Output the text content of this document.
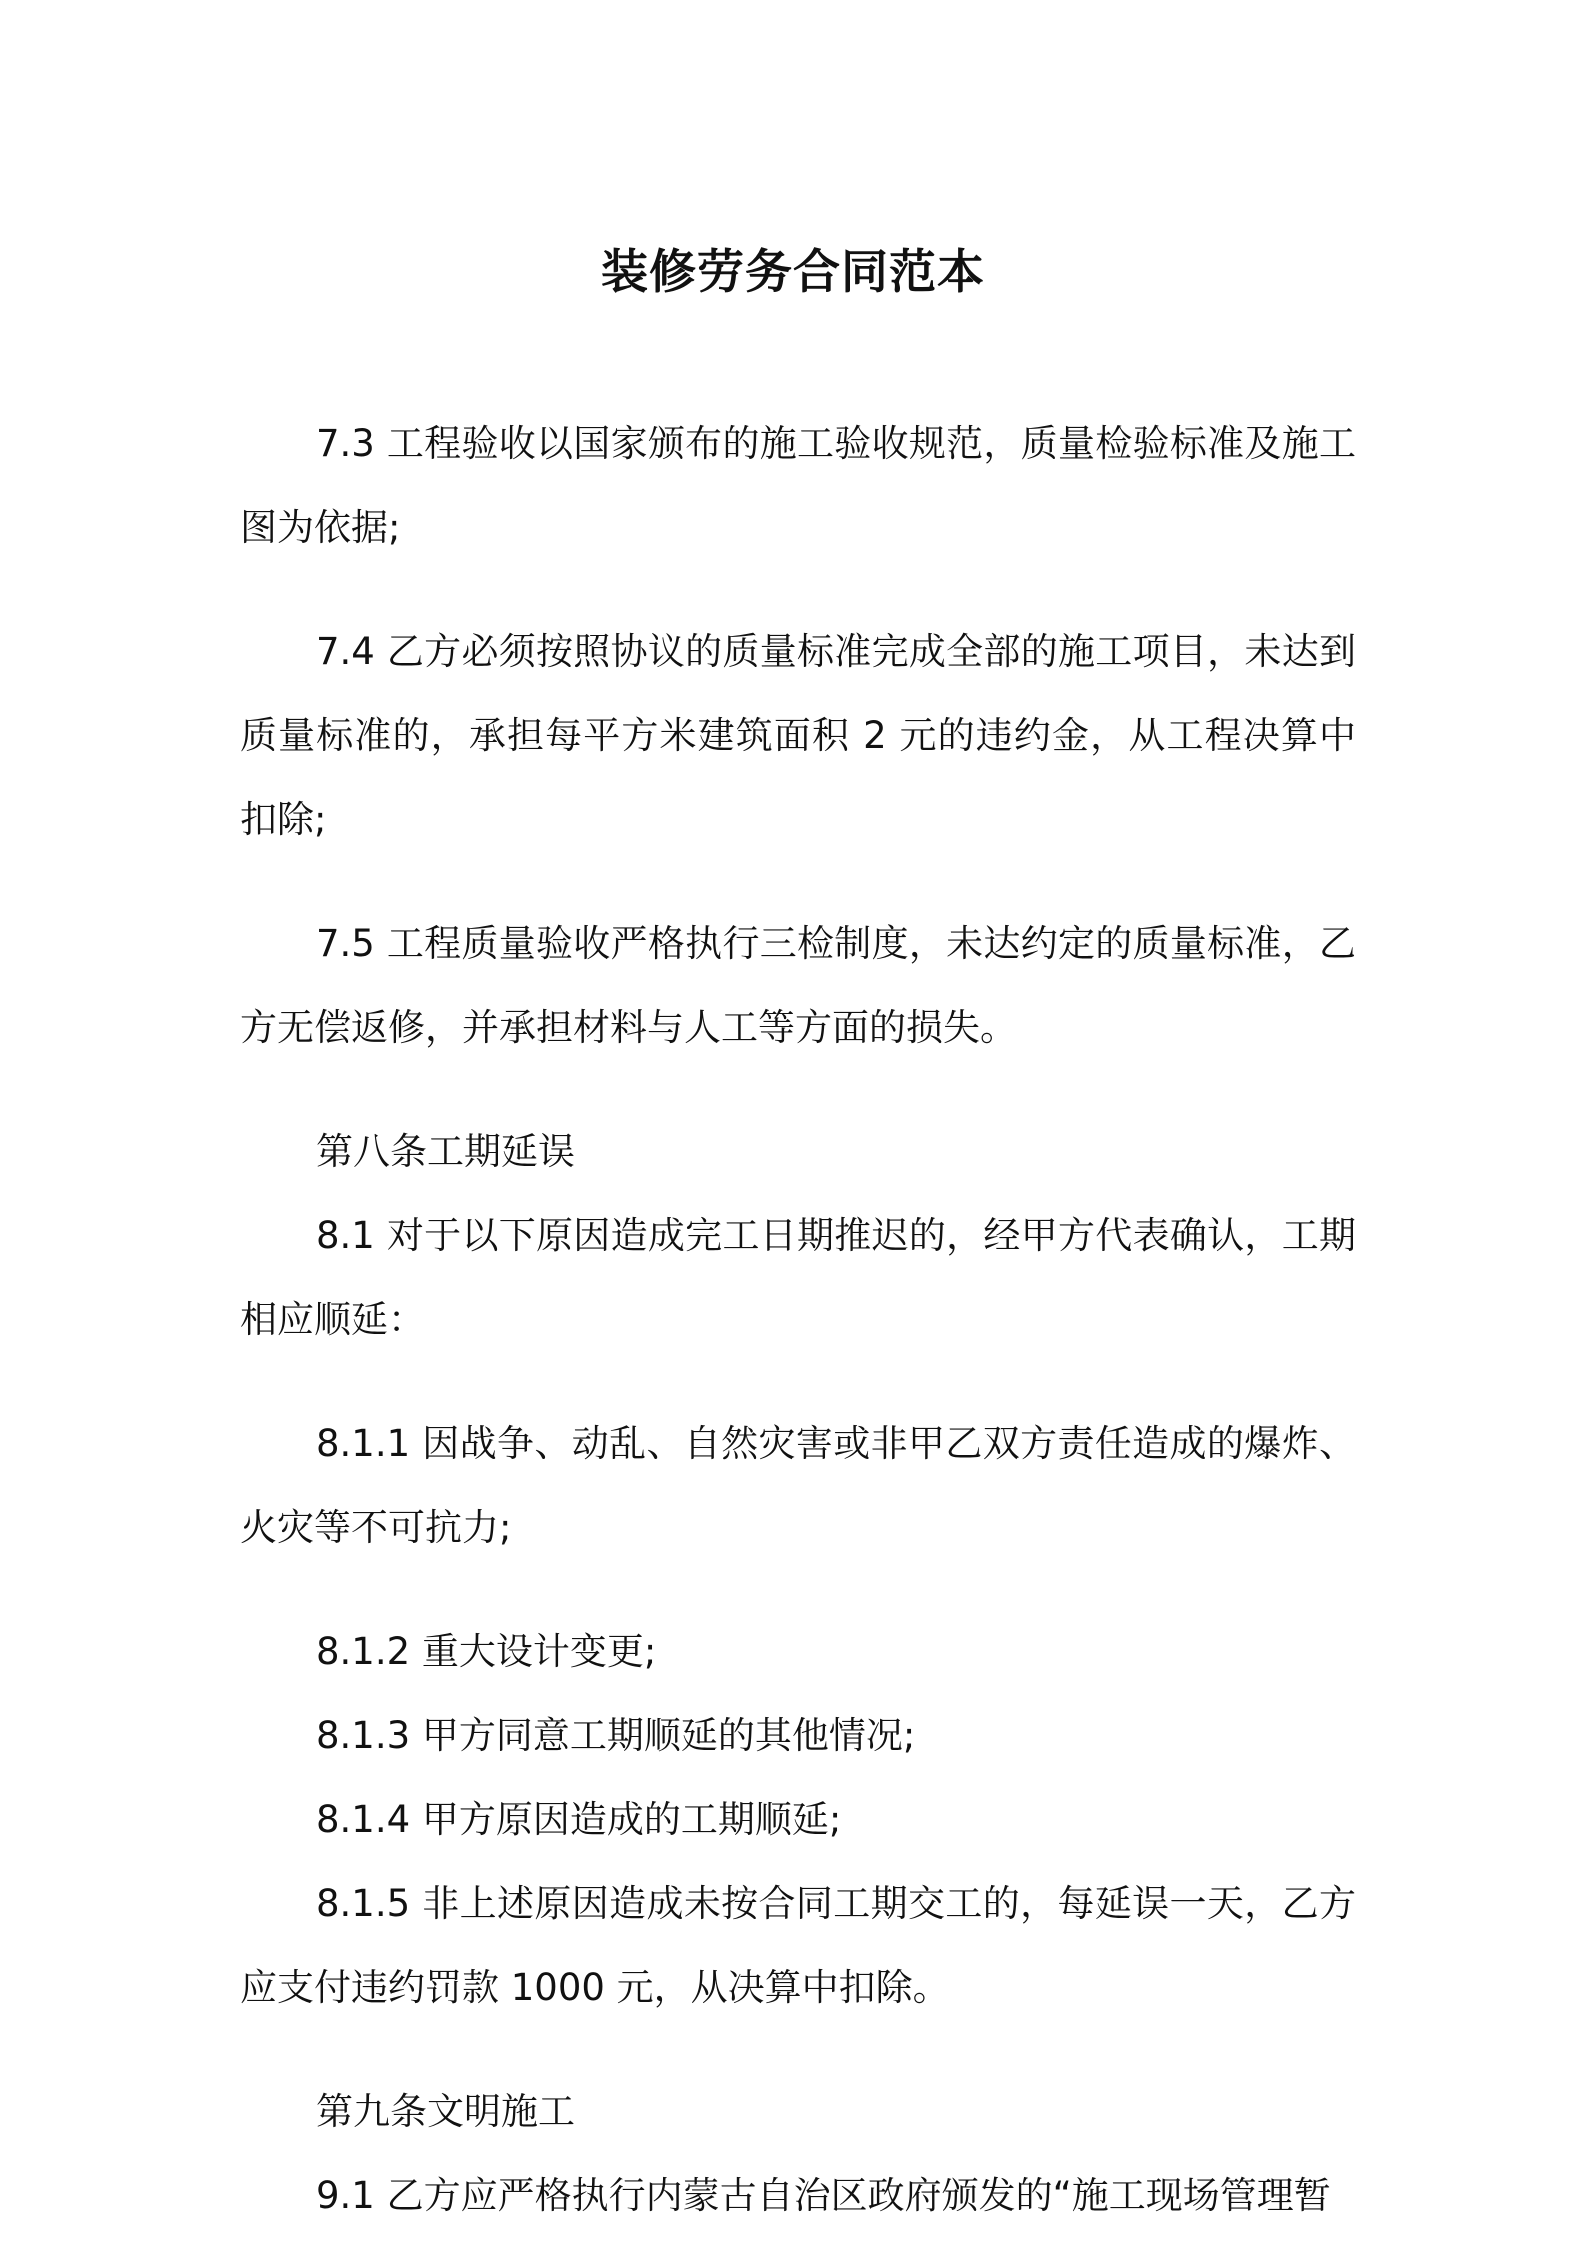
装修劳务合同范本

7.3 工程验收以国家颁布的施工验收规范，质量检验标准及施工图为依据;

7.4 乙方必须按照协议的质量标准完成全部的施工项目，未达到质量标准的，承担每平方米建筑面积 2 元的违约金，从工程决算中扣除;

7.5 工程质量验收严格执行三检制度，未达约定的质量标准，乙方无偿返修，并承担材料与人工等方面的损失。

第八条工期延误

8.1 对于以下原因造成完工日期推迟的，经甲方代表确认，工期相应顺延：

8.1.1 因战争、动乱、自然灾害或非甲乙双方责任造成的爆炸、火灾等不可抗力;

8.1.2 重大设计变更;

8.1.3 甲方同意工期顺延的其他情况;

8.1.4 甲方原因造成的工期顺延;

8.1.5 非上述原因造成未按合同工期交工的，每延误一天，乙方应支付违约罚款 1000 元，从决算中扣除。

第九条文明施工

9.1 乙方应严格执行内蒙古自治区政府颁发的“施工现场管理暂
